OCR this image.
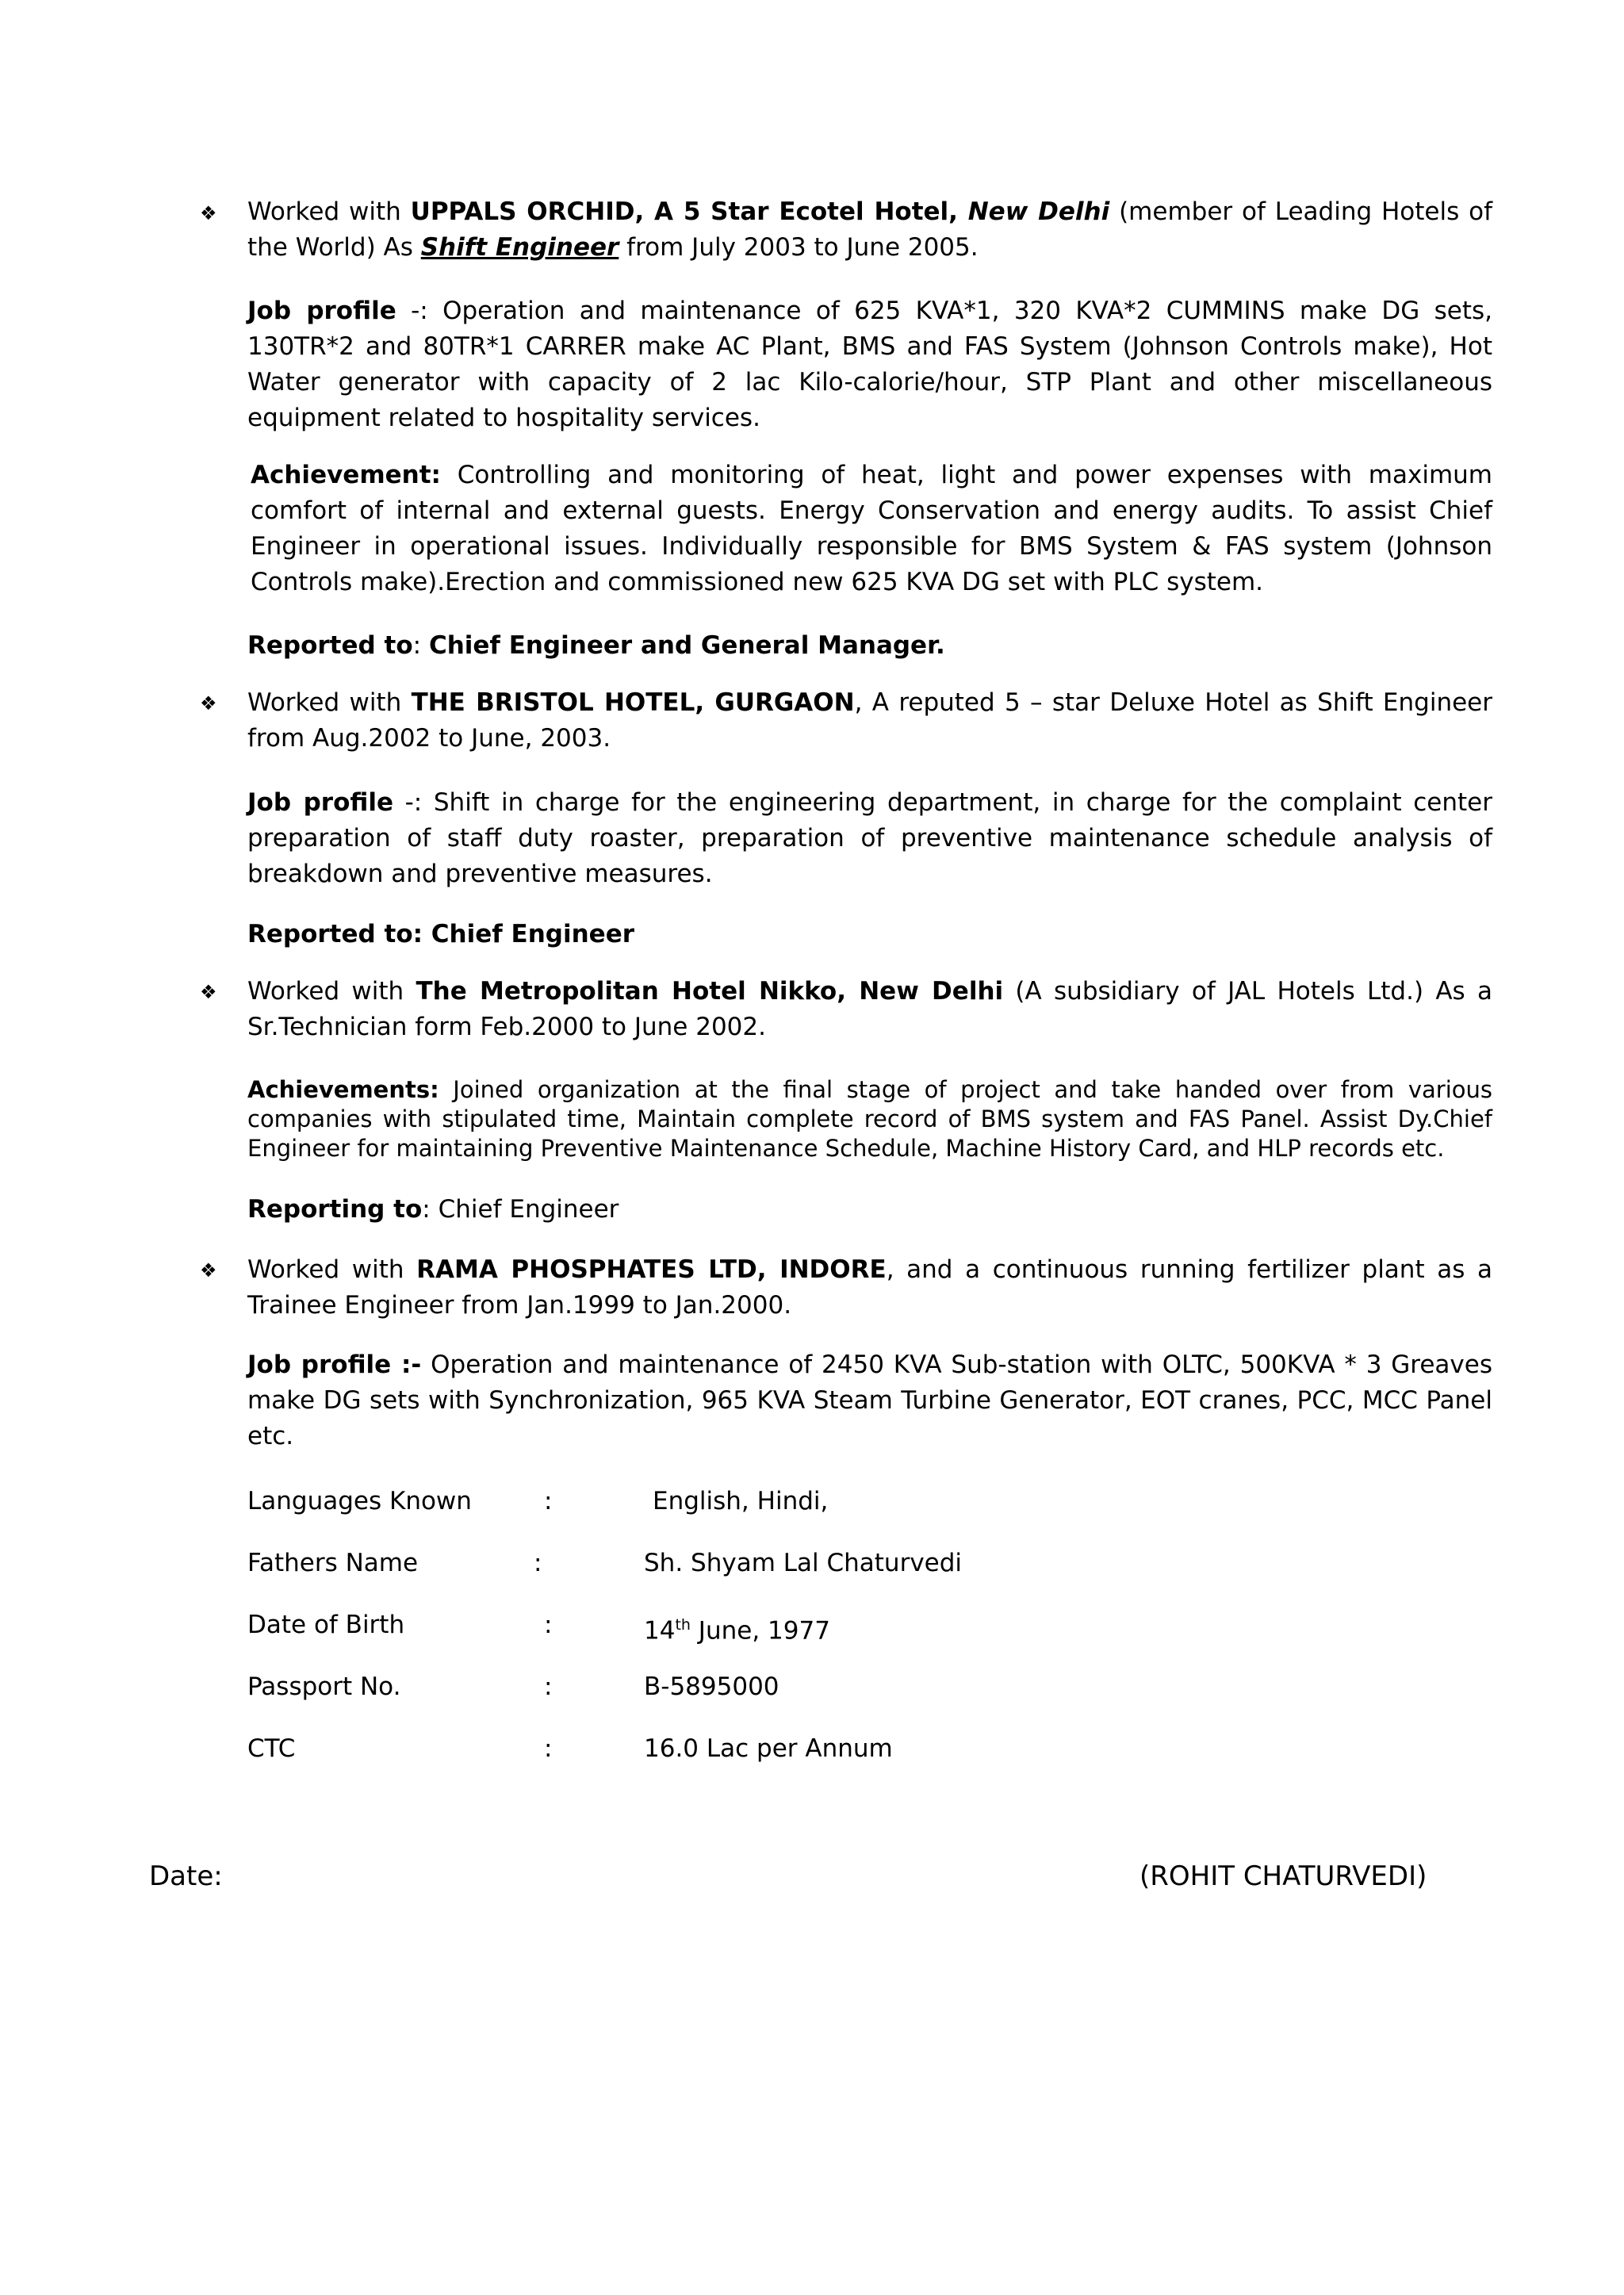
❖ Worked with UPPALS ORCHID, A 5 Star Ecotel Hotel, New Delhi (member of Leading Hotels of the World) As Shift Engineer from July 2003 to June 2005.
Job profile -: Operation and maintenance of 625 KVA*1, 320 KVA*2 CUMMINS make DG sets, 130TR*2 and 80TR*1 CARRER make AC Plant, BMS and FAS System (Johnson Controls make), Hot Water generator with capacity of 2 lac Kilo-calorie/hour, STP Plant and other miscellaneous equipment related to hospitality services.
Achievement: Controlling and monitoring of heat, light and power expenses with maximum comfort of internal and external guests. Energy Conservation and energy audits. To assist Chief Engineer in operational issues. Individually responsible for BMS System & FAS system (Johnson Controls make).Erection and commissioned new 625 KVA DG set with PLC system.
Reported to: Chief Engineer and General Manager.
❖ Worked with THE BRISTOL HOTEL, GURGAON, A reputed 5 – star Deluxe Hotel as Shift Engineer from Aug.2002 to June, 2003.
Job profile -: Shift in charge for the engineering department, in charge for the complaint center preparation of staff duty roaster, preparation of preventive maintenance schedule analysis of breakdown and preventive measures.
Reported to: Chief Engineer
❖ Worked with The Metropolitan Hotel Nikko, New Delhi (A subsidiary of JAL Hotels Ltd.) As a Sr.Technician form Feb.2000 to June 2002.
Achievements: Joined organization at the final stage of project and take handed over from various companies with stipulated time, Maintain complete record of BMS system and FAS Panel. Assist Dy.Chief Engineer for maintaining Preventive Maintenance Schedule, Machine History Card, and HLP records etc.
Reporting to: Chief Engineer
❖ Worked with RAMA PHOSPHATES LTD, INDORE, and a continuous running fertilizer plant as a Trainee Engineer from Jan.1999 to Jan.2000.
Job profile :- Operation and maintenance of 2450 KVA Sub-station with OLTC, 500KVA * 3 Greaves make DG sets with Synchronization, 965 KVA Steam Turbine Generator, EOT cranes, PCC, MCC Panel etc.
Languages Known	:	English, Hindi,
Fathers Name	:	Sh. Shyam Lal Chaturvedi
Date of Birth	:	14th June, 1977
Passport No.	:	B-5895000
CTC	:	16.0 Lac per Annum
Date:	(ROHIT CHATURVEDI)
